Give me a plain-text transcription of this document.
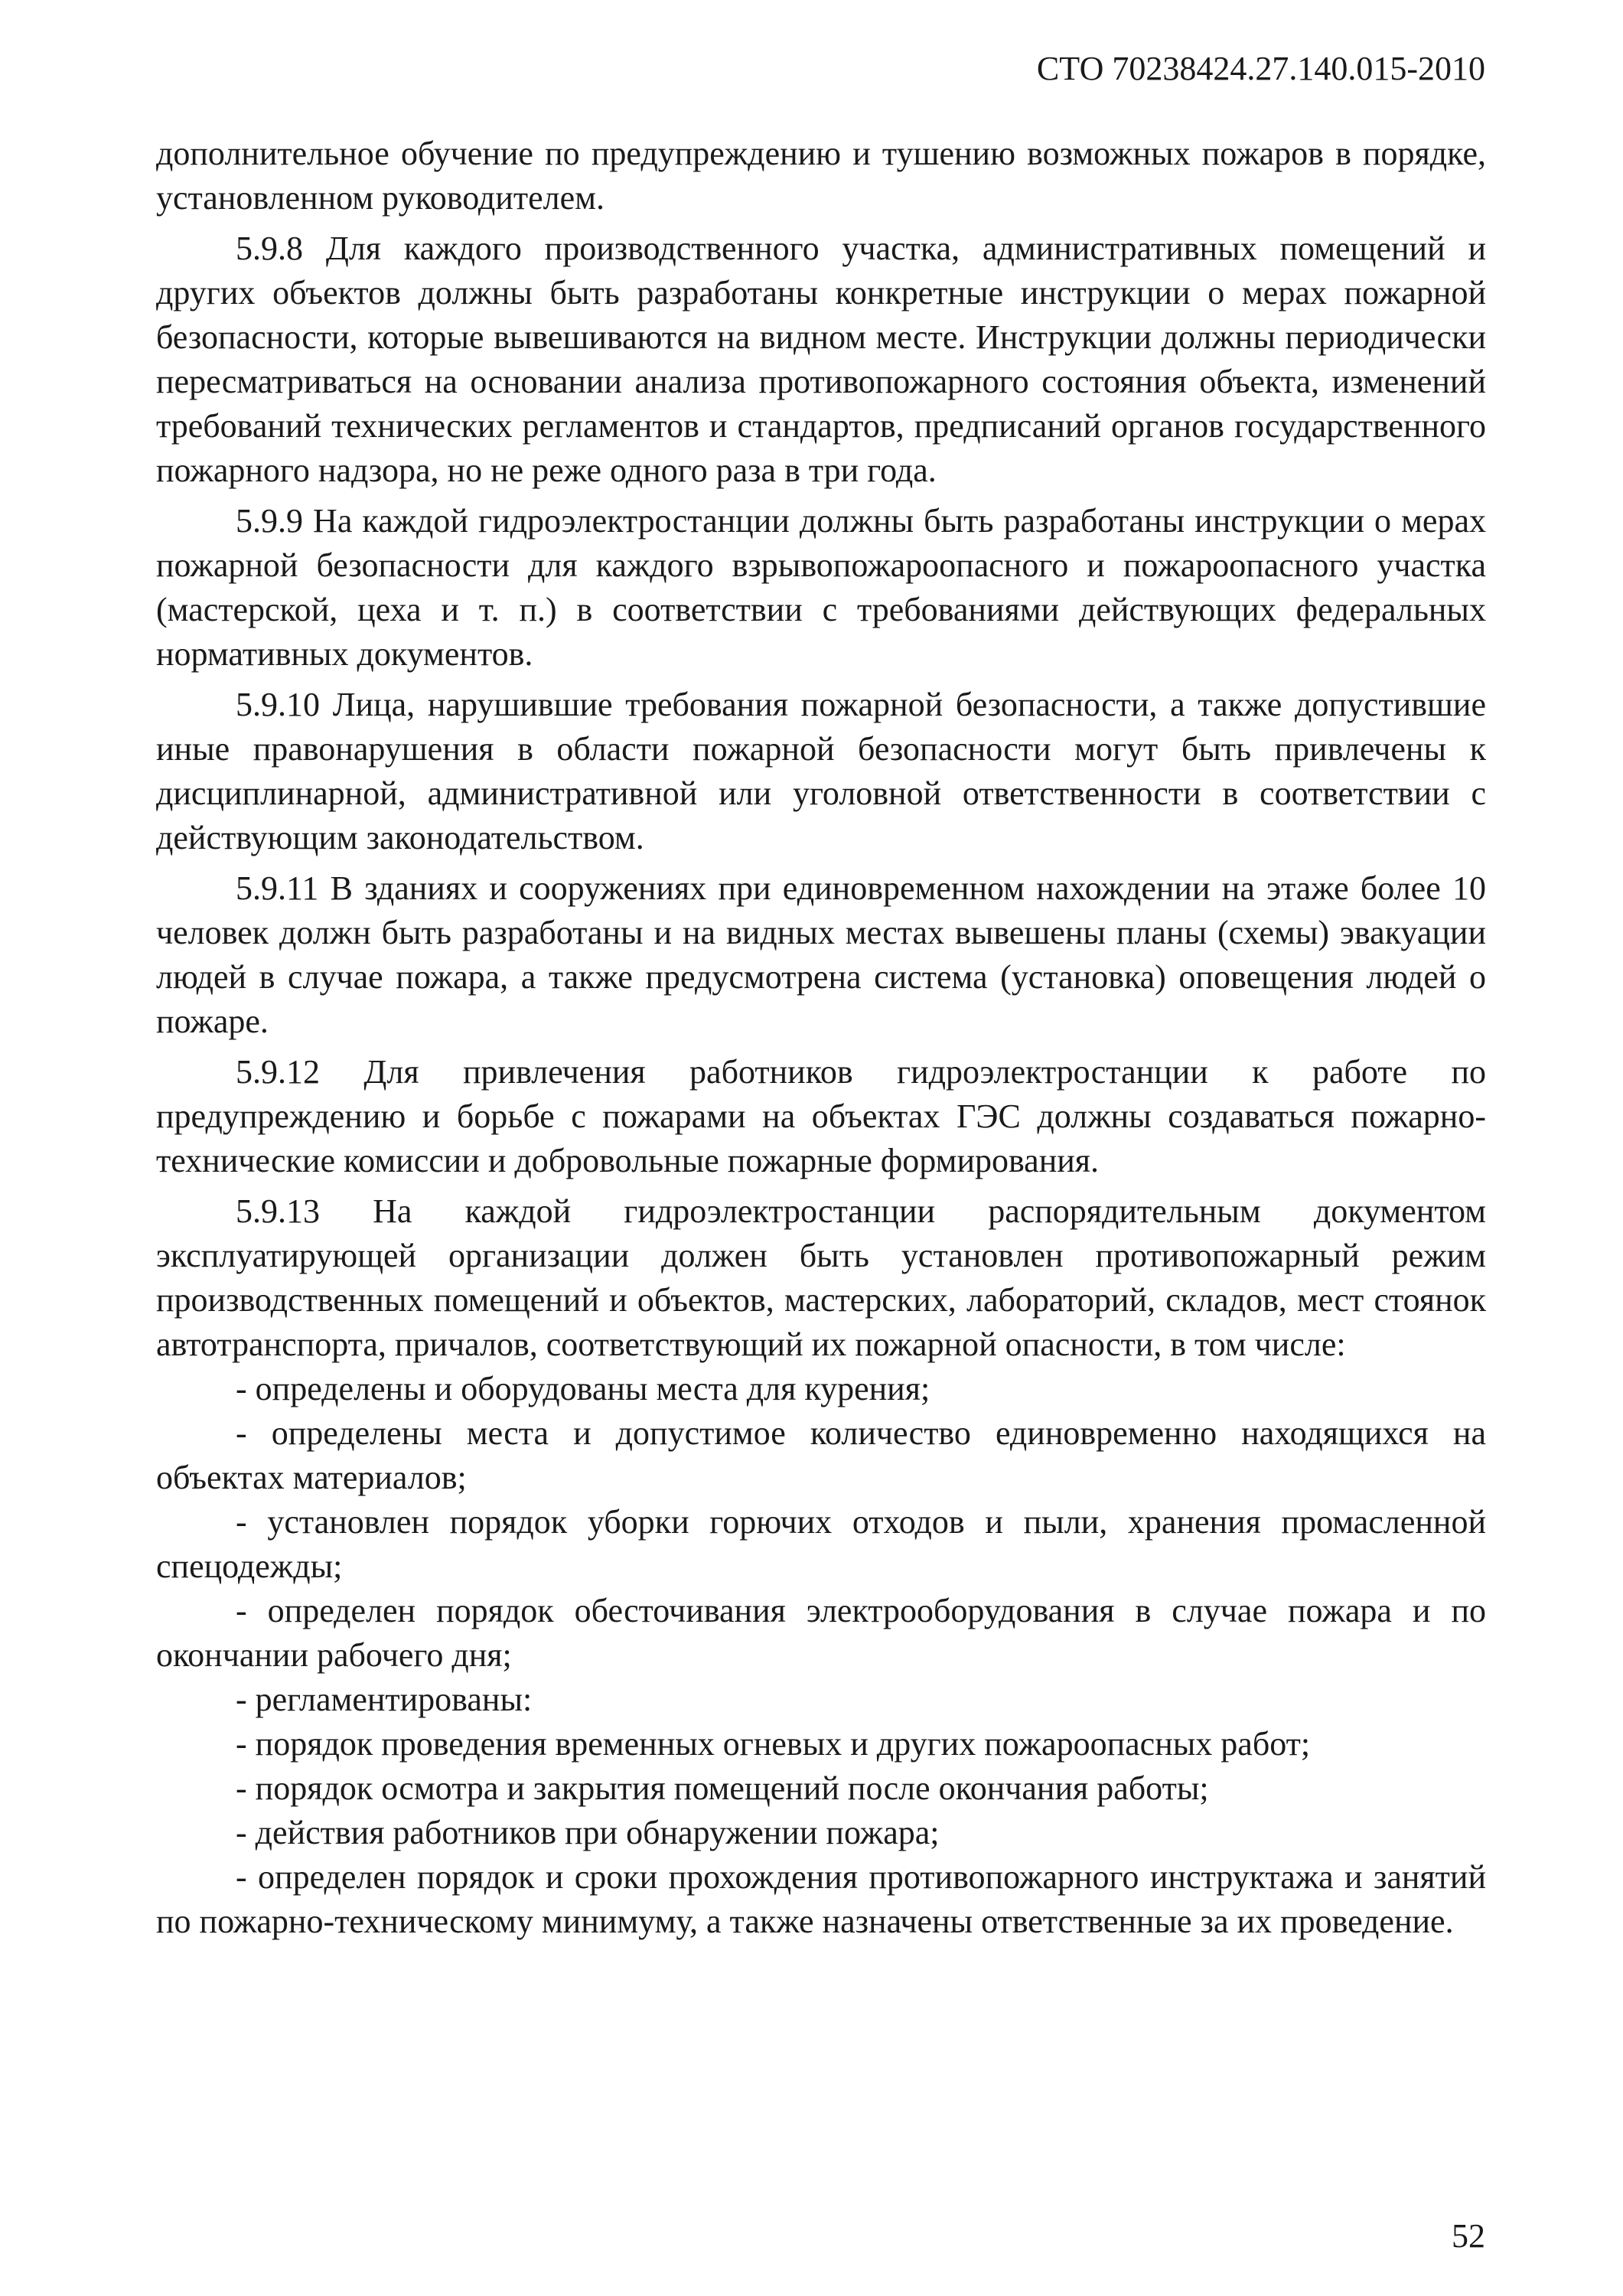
СТО 70238424.27.140.015-2010

дополнительное обучение по предупреждению и тушению возможных пожаров в порядке, установленном руководителем.

5.9.8 Для каждого производственного участка, административных помещений и других объектов должны быть разработаны конкретные инструкции о мерах пожарной безопасности, которые вывешиваются на видном месте. Инструкции должны периодически пересматриваться на основании анализа противопожарного состояния объекта, изменений требований технических регламентов и стандартов, предписаний органов государственного пожарного надзора, но не реже одного раза в три года.

5.9.9 На каждой гидроэлектростанции должны быть разработаны инструкции о мерах пожарной безопасности для каждого взрывопожароопасного и пожароопасного участка (мастерской, цеха и т. п.) в соответствии с требованиями действующих федеральных нормативных документов.

5.9.10 Лица, нарушившие требования пожарной безопасности, а также допустившие иные правонарушения в области пожарной безопасности могут быть привлечены к дисциплинарной, административной или уголовной ответственности в соответствии с действующим законодательством.

5.9.11 В зданиях и сооружениях при единовременном нахождении на этаже более 10 человек должн быть разработаны и на видных местах вывешены планы (схемы) эвакуации людей в случае пожара, а также предусмотрена система (установка) оповещения людей о пожаре.

5.9.12 Для привлечения работников гидроэлектростанции к работе по предупреждению и борьбе с пожарами на объектах ГЭС должны создаваться пожарно-технические комиссии и добровольные пожарные формирования.

5.9.13 На каждой гидроэлектростанции распорядительным документом эксплуатирующей организации должен быть установлен противопожарный режим производственных помещений и объектов, мастерских, лабораторий, складов, мест стоянок автотранспорта, причалов, соответствующий их пожарной опасности, в том числе:

- определены и оборудованы места для курения;

- определены места и допустимое количество единовременно находящихся на объектах материалов;

- установлен порядок уборки горючих отходов и пыли, хранения промасленной спецодежды;

- определен порядок обесточивания электрооборудования в случае пожара и по окончании рабочего дня;

- регламентированы:

- порядок проведения временных огневых и других пожароопасных работ;

- порядок осмотра и закрытия помещений после окончания работы;

- действия работников при обнаружении пожара;

- определен порядок и сроки прохождения противопожарного инструктажа и занятий по пожарно-техническому минимуму, а также назначены ответственные за их проведение.

52
